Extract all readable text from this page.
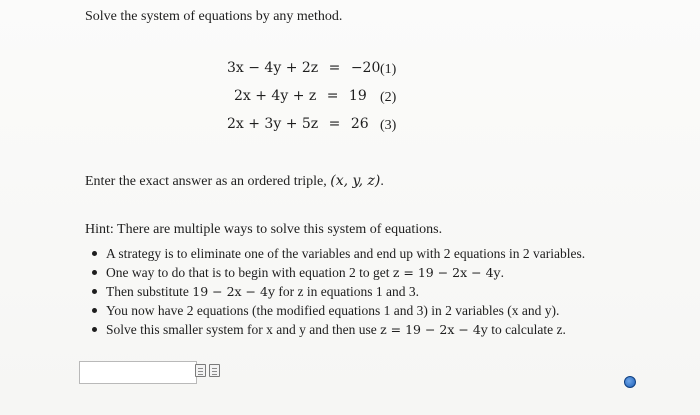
Solve the system of equations by any method.
3x − 4y + 2z = −20 (1)
2x + 4y + z = 19 (2)
2x + 3y + 5z = 26 (3)
Enter the exact answer as an ordered triple, (x, y, z).
Hint: There are multiple ways to solve this system of equations.
A strategy is to eliminate one of the variables and end up with 2 equations in 2 variables.
One way to do that is to begin with equation 2 to get z = 19 − 2x − 4y.
Then substitute 19 − 2x − 4y for z in equations 1 and 3.
You now have 2 equations (the modified equations 1 and 3) in 2 variables (x and y).
Solve this smaller system for x and y and then use z = 19 − 2x − 4y to calculate z.
